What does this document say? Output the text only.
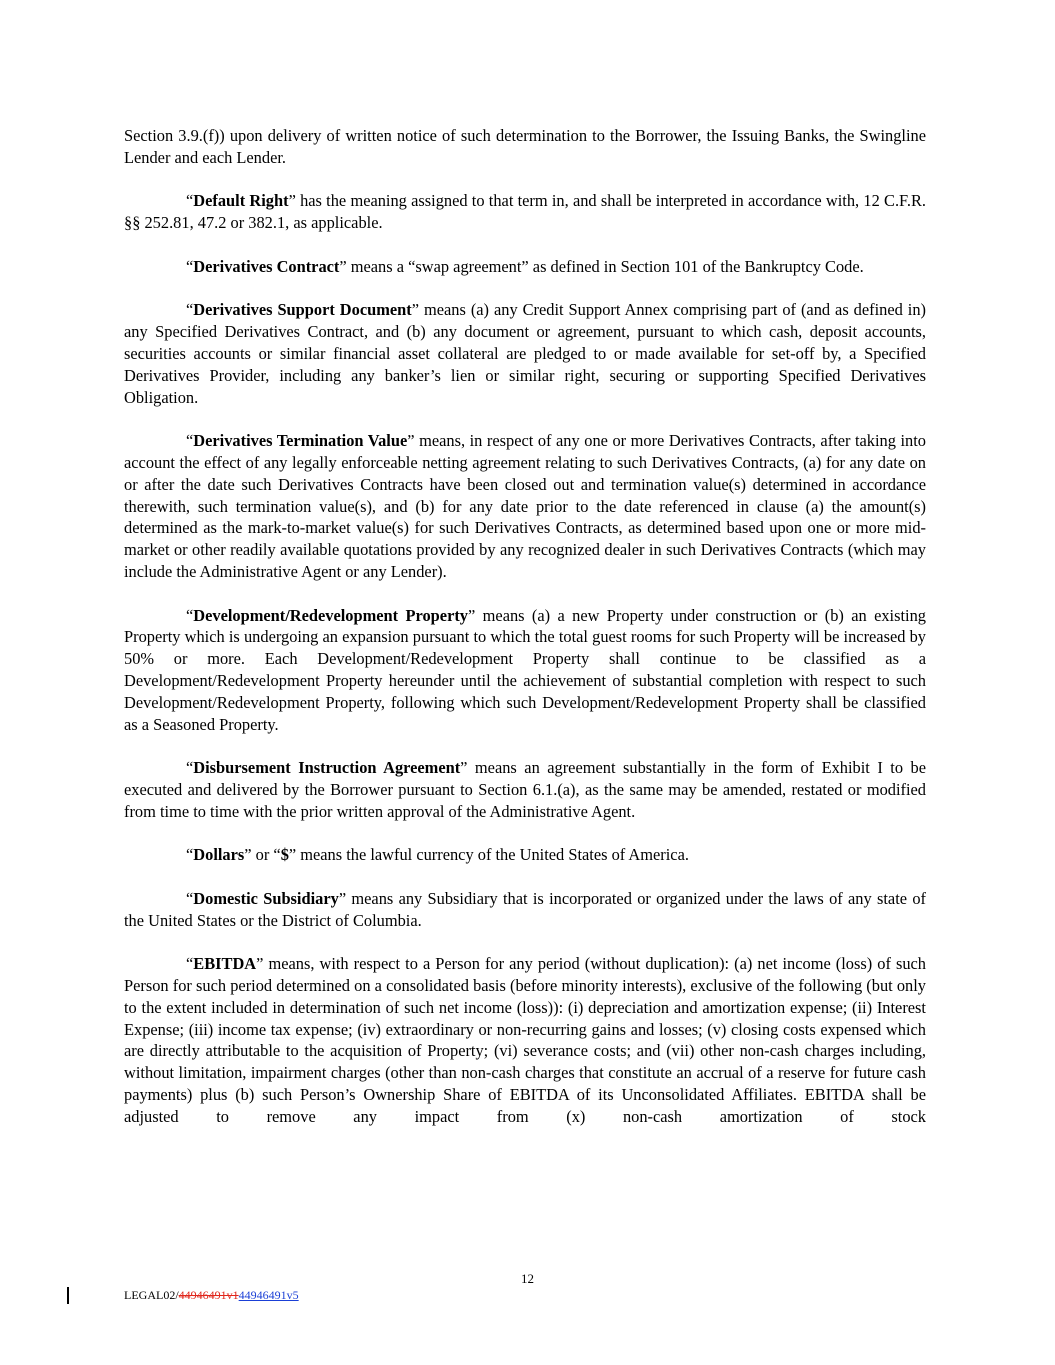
Section 3.9.(f)) upon delivery of written notice of such determination to the Borrower, the Issuing Banks, the Swingline Lender and each Lender.

“Default Right” has the meaning assigned to that term in, and shall be interpreted in accordance with, 12 C.F.R. §§ 252.81, 47.2 or 382.1, as applicable.

“Derivatives Contract” means a “swap agreement” as defined in Section 101 of the Bankruptcy Code.

“Derivatives Support Document” means (a) any Credit Support Annex comprising part of (and as defined in) any Specified Derivatives Contract, and (b) any document or agreement, pursuant to which cash, deposit accounts, securities accounts or similar financial asset collateral are pledged to or made available for set-off by, a Specified Derivatives Provider, including any banker’s lien or similar right, securing or supporting Specified Derivatives Obligation.

“Derivatives Termination Value” means, in respect of any one or more Derivatives Contracts, after taking into account the effect of any legally enforceable netting agreement relating to such Derivatives Contracts, (a) for any date on or after the date such Derivatives Contracts have been closed out and termination value(s) determined in accordance therewith, such termination value(s), and (b) for any date prior to the date referenced in clause (a) the amount(s) determined as the mark-to-market value(s) for such Derivatives Contracts, as determined based upon one or more mid-market or other readily available quotations provided by any recognized dealer in such Derivatives Contracts (which may include the Administrative Agent or any Lender).

“Development/Redevelopment Property” means (a) a new Property under construction or (b) an existing Property which is undergoing an expansion pursuant to which the total guest rooms for such Property will be increased by 50% or more. Each Development/Redevelopment Property shall continue to be classified as a Development/Redevelopment Property hereunder until the achievement of substantial completion with respect to such Development/Redevelopment Property, following which such Development/Redevelopment Property shall be classified as a Seasoned Property.

“Disbursement Instruction Agreement” means an agreement substantially in the form of Exhibit I to be executed and delivered by the Borrower pursuant to Section 6.1.(a), as the same may be amended, restated or modified from time to time with the prior written approval of the Administrative Agent.

“Dollars” or “$” means the lawful currency of the United States of America.

“Domestic Subsidiary” means any Subsidiary that is incorporated or organized under the laws of any state of the United States or the District of Columbia.

“EBITDA” means, with respect to a Person for any period (without duplication): (a) net income (loss) of such Person for such period determined on a consolidated basis (before minority interests), exclusive of the following (but only to the extent included in determination of such net income (loss)): (i) depreciation and amortization expense; (ii) Interest Expense; (iii) income tax expense; (iv) extraordinary or non-recurring gains and losses; (v) closing costs expensed which are directly attributable to the acquisition of Property; (vi) severance costs; and (vii) other non-cash charges including, without limitation, impairment charges (other than non-cash charges that constitute an accrual of a reserve for future cash payments) plus (b) such Person’s Ownership Share of EBITDA of its Unconsolidated Affiliates. EBITDA shall be adjusted to remove any impact from (x) non-cash amortization of stock

12
LEGAL02/44946491v144946491v5
